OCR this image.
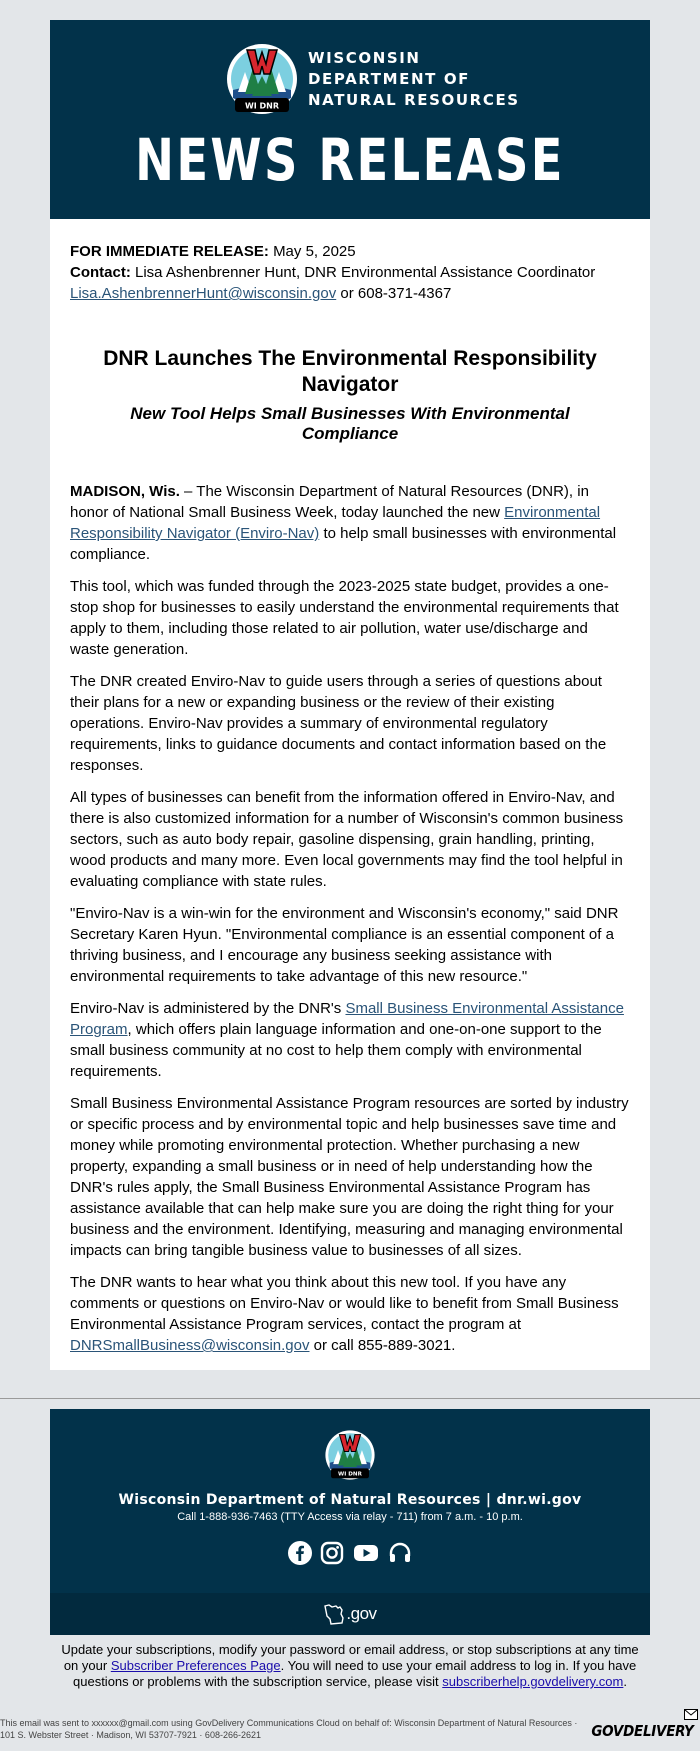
WI DNR
WISCONSIN
DEPARTMENT OF
NATURAL RESOURCES
NEWS RELEASE
FOR IMMEDIATE RELEASE: May 5, 2025
Contact: Lisa Ashenbrenner Hunt, DNR Environmental Assistance Coordinator
Lisa.AshenbrennerHunt@wisconsin.gov or 608-371-4367
DNR Launches The Environmental Responsibility Navigator
New Tool Helps Small Businesses With Environmental Compliance

MADISON, Wis. – The Wisconsin Department of Natural Resources (DNR), in honor of National Small Business Week, today launched the new Environmental Responsibility Navigator (Enviro-Nav) to help small businesses with environmental compliance.

This tool, which was funded through the 2023-2025 state budget, provides a one-stop shop for businesses to easily understand the environmental requirements that apply to them, including those related to air pollution, water use/discharge and waste generation.

The DNR created Enviro-Nav to guide users through a series of questions about their plans for a new or expanding business or the review of their existing operations. Enviro-Nav provides a summary of environmental regulatory requirements, links to guidance documents and contact information based on the responses.

All types of businesses can benefit from the information offered in Enviro-Nav, and there is also customized information for a number of Wisconsin's common business sectors, such as auto body repair, gasoline dispensing, grain handling, printing, wood products and many more. Even local governments may find the tool helpful in evaluating compliance with state rules.

"Enviro-Nav is a win-win for the environment and Wisconsin's economy," said DNR Secretary Karen Hyun. "Environmental compliance is an essential component of a thriving business, and I encourage any business seeking assistance with environmental requirements to take advantage of this new resource."

Enviro-Nav is administered by the DNR's Small Business Environmental Assistance Program, which offers plain language information and one-on-one support to the small business community at no cost to help them comply with environmental requirements.

Small Business Environmental Assistance Program resources are sorted by industry or specific process and by environmental topic and help businesses save time and money while promoting environmental protection. Whether purchasing a new property, expanding a small business or in need of help understanding how the DNR's rules apply, the Small Business Environmental Assistance Program has assistance available that can help make sure you are doing the right thing for your business and the environment. Identifying, measuring and managing environmental impacts can bring tangible business value to businesses of all sizes.

The DNR wants to hear what you think about this new tool. If you have any comments or questions on Enviro-Nav or would like to benefit from Small Business Environmental Assistance Program services, contact the program at DNRSmallBusiness@wisconsin.gov or call 855-889-3021.

WI DNR
Wisconsin Department of Natural Resources | dnr.wi.gov
Call 1-888-936-7463 (TTY Access via relay - 711) from 7 a.m. - 10 p.m.
.gov
Update your subscriptions, modify your password or email address, or stop subscriptions at any time on your Subscriber Preferences Page. You will need to use your email address to log in. If you have questions or problems with the subscription service, please visit subscriberhelp.govdelivery.com.
This email was sent to xxxxxx@gmail.com using GovDelivery Communications Cloud on behalf of: Wisconsin Department of Natural Resources · 101 S. Webster Street · Madison, WI 53707-7921 · 608-266-2621	GOVDELIVERY
